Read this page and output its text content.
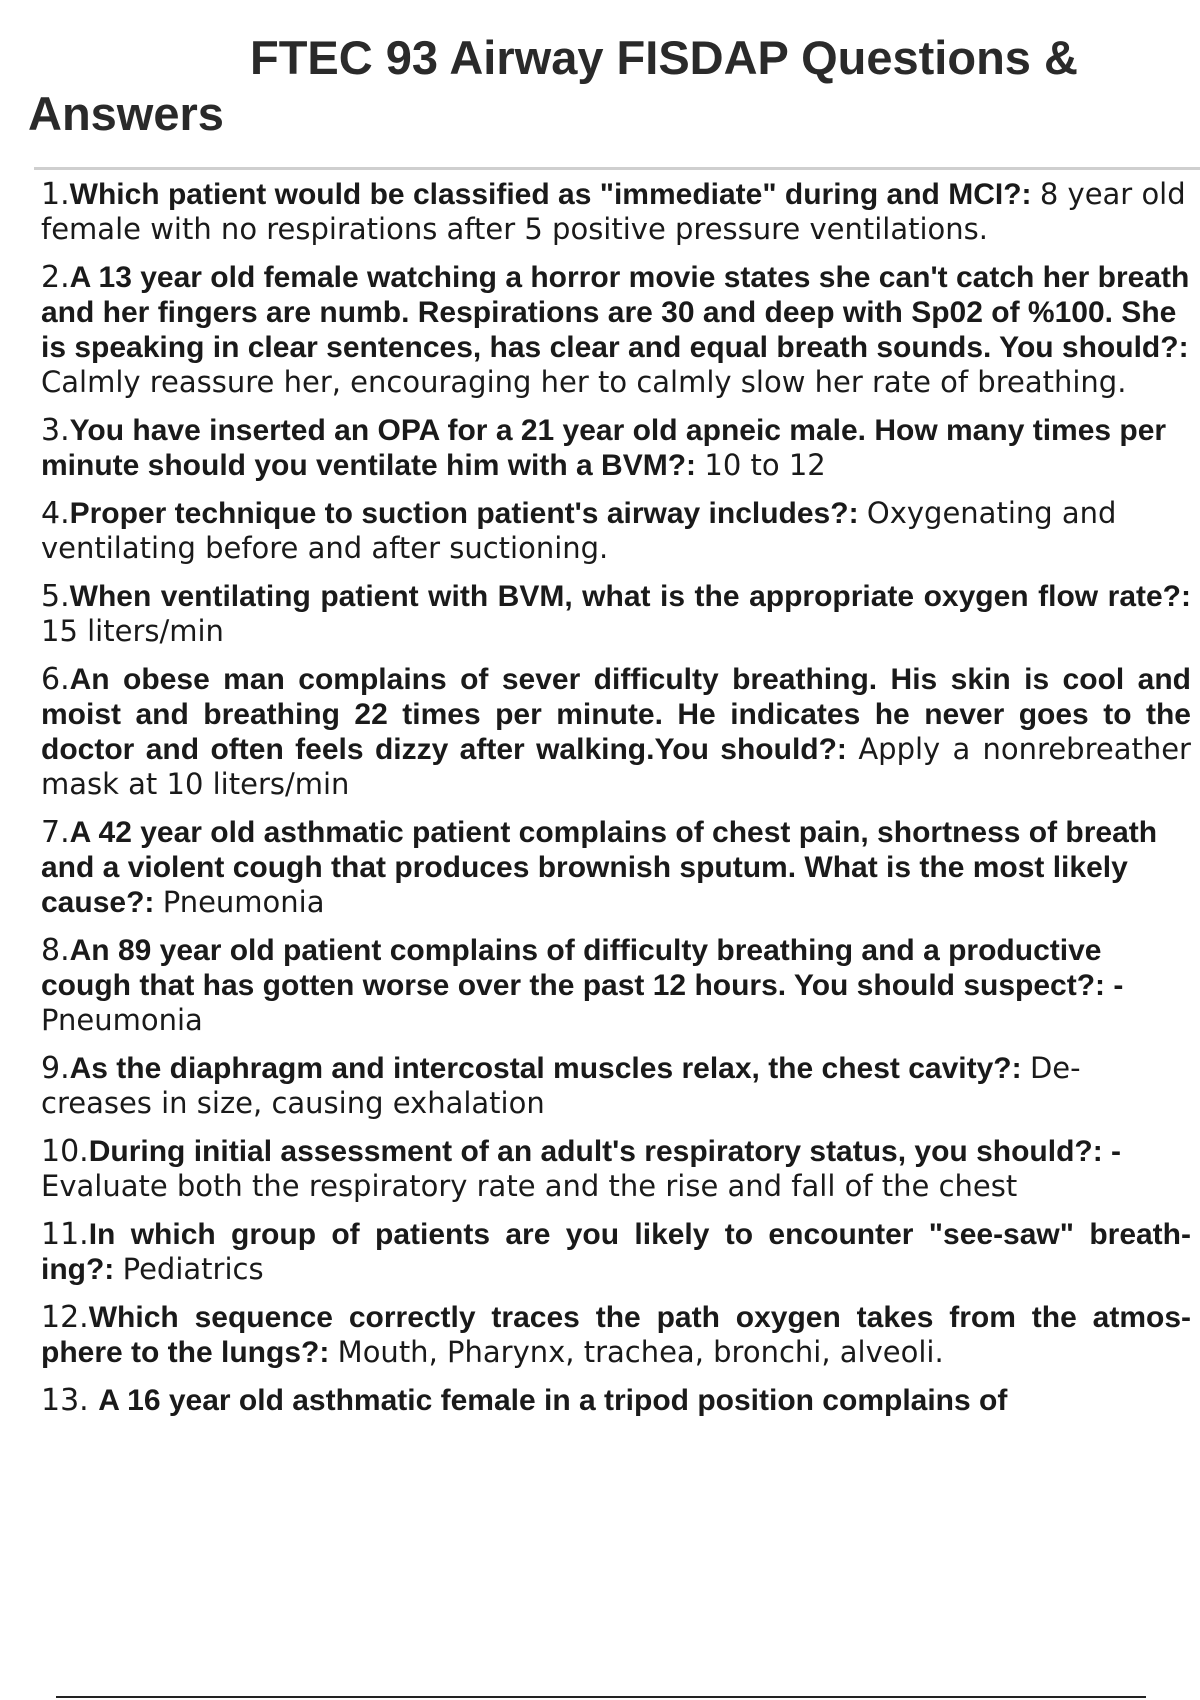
FTEC 93 Airway FISDAP Questions & Answers
1.Which patient would be classified as "immediate" during and MCI?: 8 year old female with no respirations after 5 positive pressure ventilations.
2.A 13 year old female watching a horror movie states she can't catch her breath and her fingers are numb. Respirations are 30 and deep with Sp02 of %100. She is speaking in clear sentences, has clear and equal breath sounds. You should?: Calmly reassure her, encouraging her to calmly slow her rate of breathing.
3.You have inserted an OPA for a 21 year old apneic male. How many times per minute should you ventilate him with a BVM?: 10 to 12
4.Proper technique to suction patient's airway includes?: Oxygenating and ventilating before and after suctioning.
5.When ventilating patient with BVM, what is the appropriate oxygen flow rate?: 15 liters/min
6.An obese man complains of sever difficulty breathing. His skin is cool and moist and breathing 22 times per minute. He indicates he never goes to the doctor and often feels dizzy after walking.You should?: Apply a nonrebreather mask at 10 liters/min
7.A 42 year old asthmatic patient complains of chest pain, shortness of breath and a violent cough that produces brownish sputum. What is the most likely cause?: Pneumonia
8.An 89 year old patient complains of difficulty breathing and a productive cough that has gotten worse over the past 12 hours. You should suspect?: - Pneumonia
9.As the diaphragm and intercostal muscles relax, the chest cavity?: De- creases in size, causing exhalation
10.During initial assessment of an adult's respiratory status, you should?: - Evaluate both the respiratory rate and the rise and fall of the chest
11.In which group of patients are you likely to encounter "see-saw" breath- ing?: Pediatrics
12.Which sequence correctly traces the path oxygen takes from the atmos- phere to the lungs?: Mouth, Pharynx, trachea, bronchi, alveoli.
13. A 16 year old asthmatic female in a tripod position complains of
